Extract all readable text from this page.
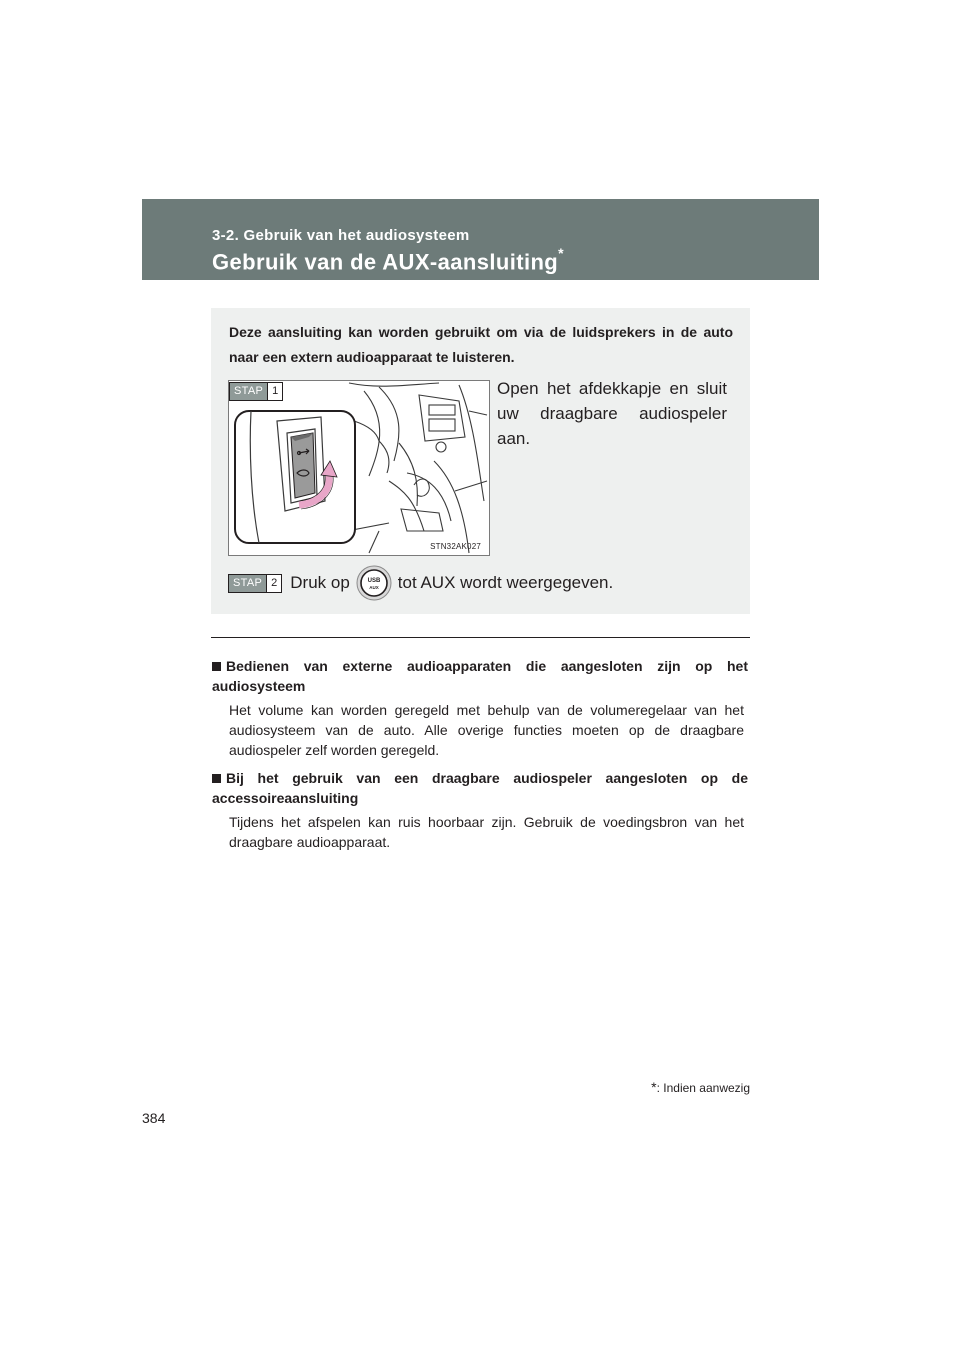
3-2. Gebruik van het audiosysteem
Gebruik van de AUX-aansluiting*

Deze aansluiting kan worden gebruikt om via de luidsprekers in de auto naar een extern audioapparaat te luisteren.

STN32AK027
STAP 1	Open het afdekkapje en sluit uw draagbare audiospeler aan.
STAP 2 Druk op	USB
AUX tot AUX wordt weergegeven.
Bedienen van externe audioapparaten die aangesloten zijn op het audiosysteem
Het volume kan worden geregeld met behulp van de volumeregelaar van het audiosysteem van de auto. Alle overige functies moeten op de draagbare audiospeler zelf worden geregeld.
Bij het gebruik van een draagbare audiospeler aangesloten op de accessoireaansluiting
Tijdens het afspelen kan ruis hoorbaar zijn. Gebruik de voedingsbron van het draagbare audioapparaat.
*: Indien aanwezig
384
